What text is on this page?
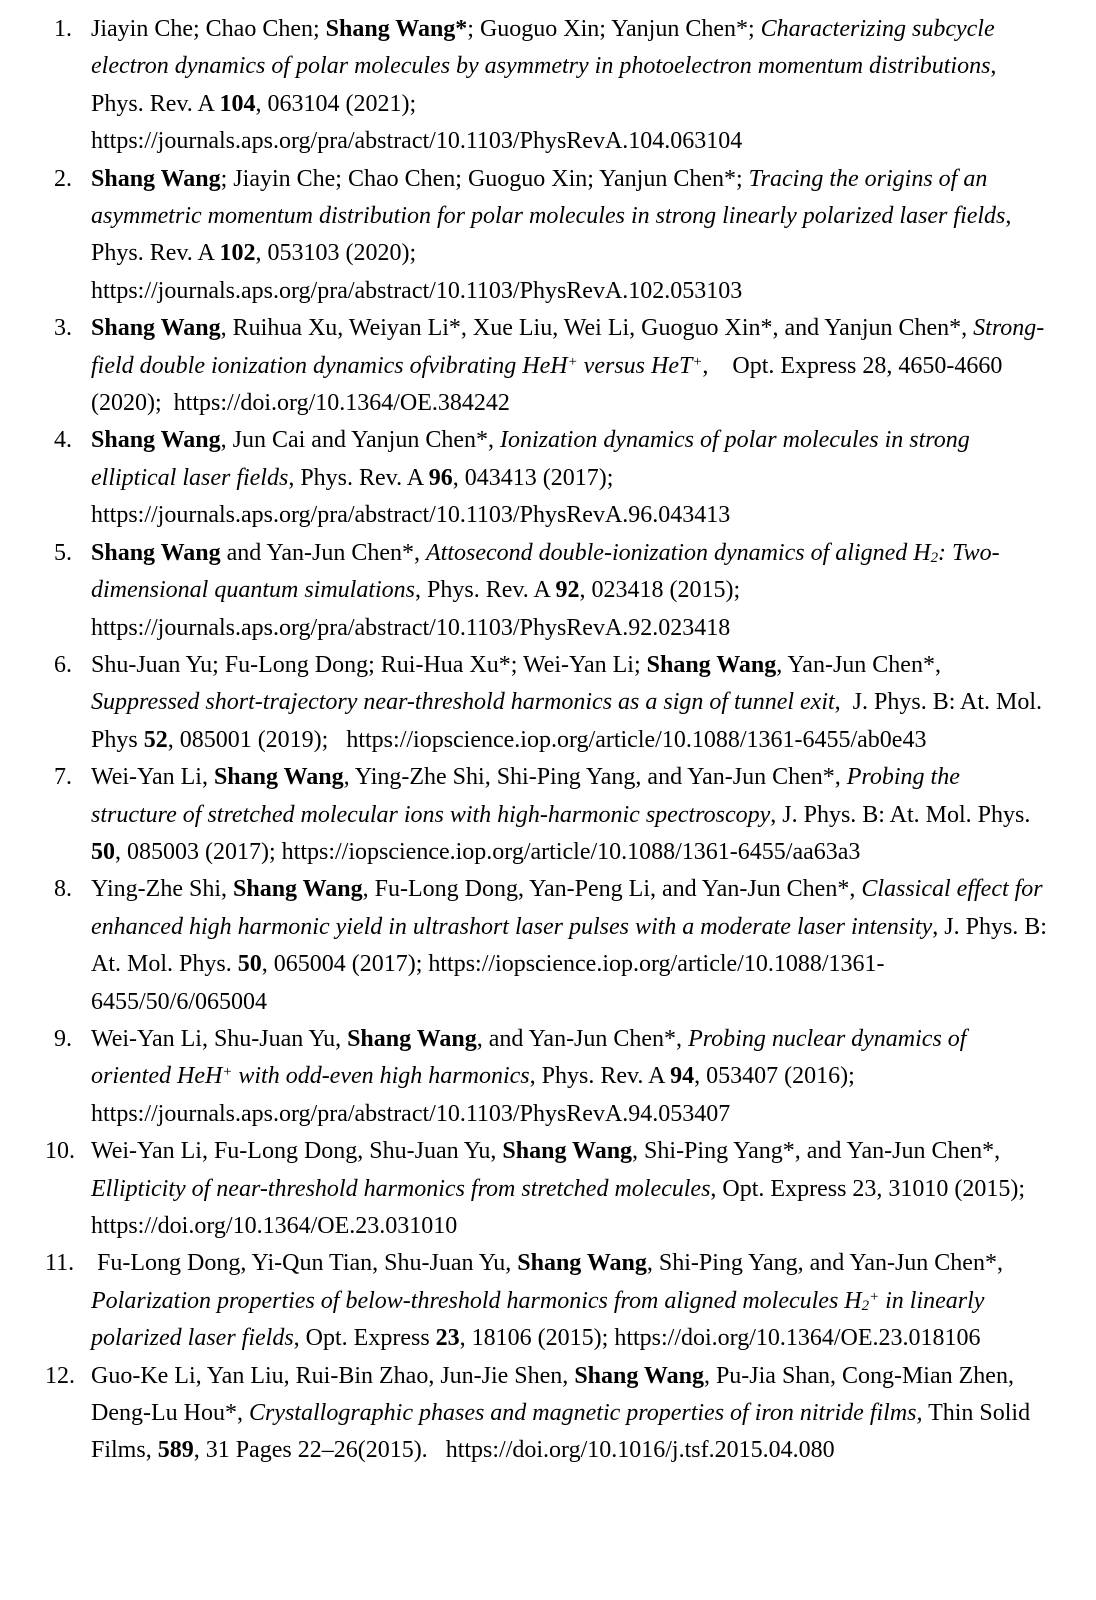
1. Jiayin Che; Chao Chen; Shang Wang*; Guoguo Xin; Yanjun Chen*; Characterizing subcycle electron dynamics of polar molecules by asymmetry in photoelectron momentum distributions, Phys. Rev. A 104, 063104 (2021); https://journals.aps.org/pra/abstract/10.1103/PhysRevA.104.063104
2. Shang Wang; Jiayin Che; Chao Chen; Guoguo Xin; Yanjun Chen*; Tracing the origins of an asymmetric momentum distribution for polar molecules in strong linearly polarized laser fields, Phys. Rev. A 102, 053103 (2020); https://journals.aps.org/pra/abstract/10.1103/PhysRevA.102.053103
3. Shang Wang, Ruihua Xu, Weiyan Li*, Xue Liu, Wei Li, Guoguo Xin*, and Yanjun Chen*, Strong-field double ionization dynamics ofvibrating HeH+ versus HeT+,   Opt. Express 28, 4650-4660 (2020); https://doi.org/10.1364/OE.384242
4. Shang Wang, Jun Cai and Yanjun Chen*, Ionization dynamics of polar molecules in strong elliptical laser fields, Phys. Rev. A 96, 043413 (2017); https://journals.aps.org/pra/abstract/10.1103/PhysRevA.96.043413
5. Shang Wang and Yan-Jun Chen*, Attosecond double-ionization dynamics of aligned H2: Two-dimensional quantum simulations, Phys. Rev. A 92, 023418 (2015); https://journals.aps.org/pra/abstract/10.1103/PhysRevA.92.023418
6. Shu-Juan Yu; Fu-Long Dong; Rui-Hua Xu*; Wei-Yan Li; Shang Wang, Yan-Jun Chen*, Suppressed short-trajectory near-threshold harmonics as a sign of tunnel exit, J. Phys. B: At. Mol. Phys 52, 085001 (2019);   https://iopscience.iop.org/article/10.1088/1361-6455/ab0e43
7. Wei-Yan Li, Shang Wang, Ying-Zhe Shi, Shi-Ping Yang, and Yan-Jun Chen*, Probing the structure of stretched molecular ions with high-harmonic spectroscopy, J. Phys. B: At. Mol. Phys. 50, 085003 (2017); https://iopscience.iop.org/article/10.1088/1361-6455/aa63a3
8. Ying-Zhe Shi, Shang Wang, Fu-Long Dong, Yan-Peng Li, and Yan-Jun Chen*, Classical effect for enhanced high harmonic yield in ultrashort laser pulses with a moderate laser intensity, J. Phys. B: At. Mol. Phys. 50, 065004 (2017); https://iopscience.iop.org/article/10.1088/1361-6455/50/6/065004
9. Wei-Yan Li, Shu-Juan Yu, Shang Wang, and Yan-Jun Chen*, Probing nuclear dynamics of oriented HeH+ with odd-even high harmonics, Phys. Rev. A 94, 053407 (2016); https://journals.aps.org/pra/abstract/10.1103/PhysRevA.94.053407
10. Wei-Yan Li, Fu-Long Dong, Shu-Juan Yu, Shang Wang, Shi-Ping Yang*, and Yan-Jun Chen*, Ellipticity of near-threshold harmonics from stretched molecules, Opt. Express 23, 31010 (2015); https://doi.org/10.1364/OE.23.031010
11. Fu-Long Dong, Yi-Qun Tian, Shu-Juan Yu, Shang Wang, Shi-Ping Yang, and Yan-Jun Chen*, Polarization properties of below-threshold harmonics from aligned molecules H2+ in linearly polarized laser fields, Opt. Express 23, 18106 (2015); https://doi.org/10.1364/OE.23.018106
12. Guo-Ke Li, Yan Liu, Rui-Bin Zhao, Jun-Jie Shen, Shang Wang, Pu-Jia Shan, Cong-Mian Zhen, Deng-Lu Hou*, Crystallographic phases and magnetic properties of iron nitride films, Thin Solid Films, 589, 31 Pages 22–26(2015).   https://doi.org/10.1016/j.tsf.2015.04.080
